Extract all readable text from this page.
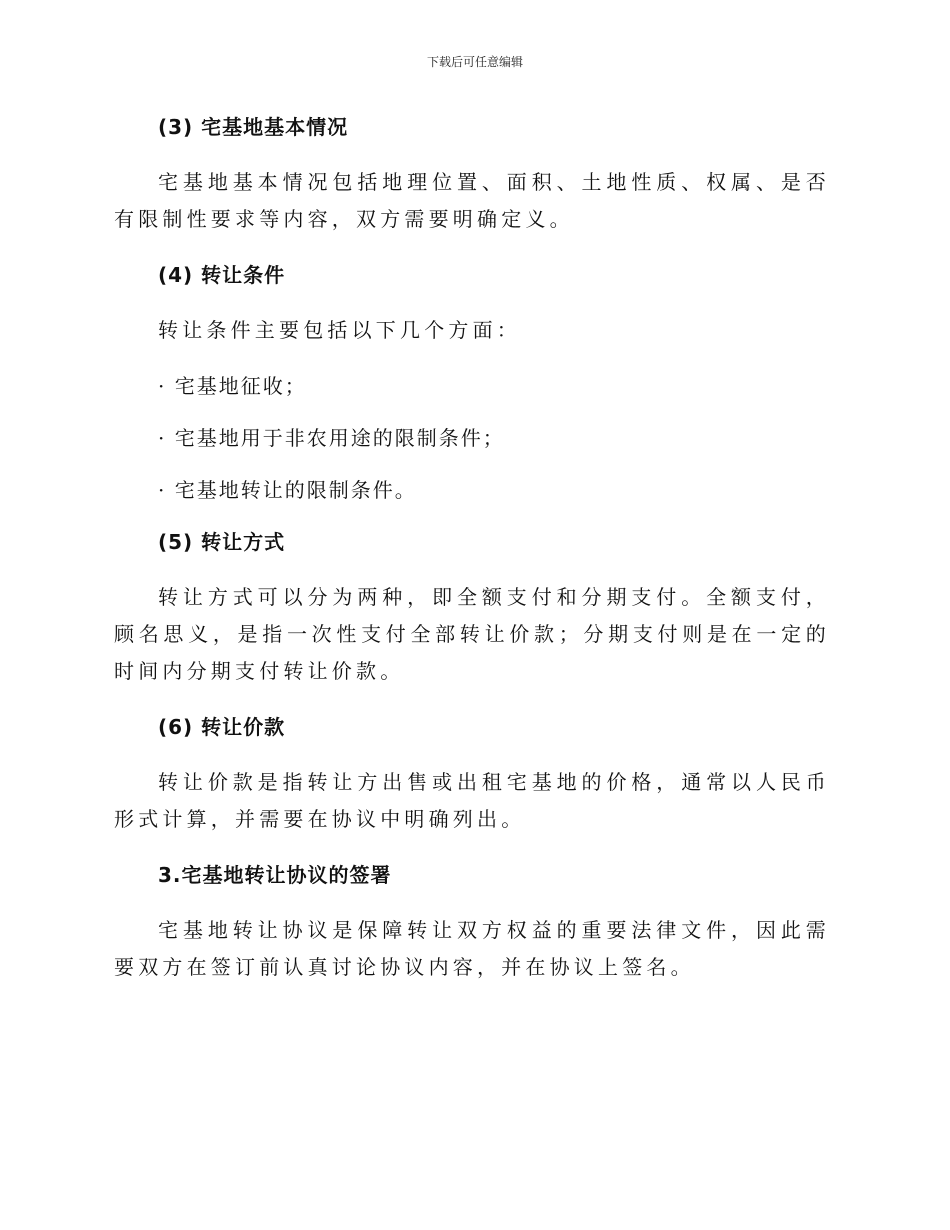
下载后可任意编辑

(3) 宅基地基本情况

宅基地基本情况包括地理位置、面积、土地性质、权属、是否有限制性要求等内容，双方需要明确定义。

(4) 转让条件

转让条件主要包括以下几个方面：

· 宅基地征收；

· 宅基地用于非农用途的限制条件；

· 宅基地转让的限制条件。

(5) 转让方式

转让方式可以分为两种，即全额支付和分期支付。全额支付，顾名思义，是指一次性支付全部转让价款；分期支付则是在一定的时间内分期支付转让价款。

(6) 转让价款

转让价款是指转让方出售或出租宅基地的价格，通常以人民币形式计算，并需要在协议中明确列出。

3.宅基地转让协议的签署

宅基地转让协议是保障转让双方权益的重要法律文件，因此需要双方在签订前认真讨论协议内容，并在协议上签名。
